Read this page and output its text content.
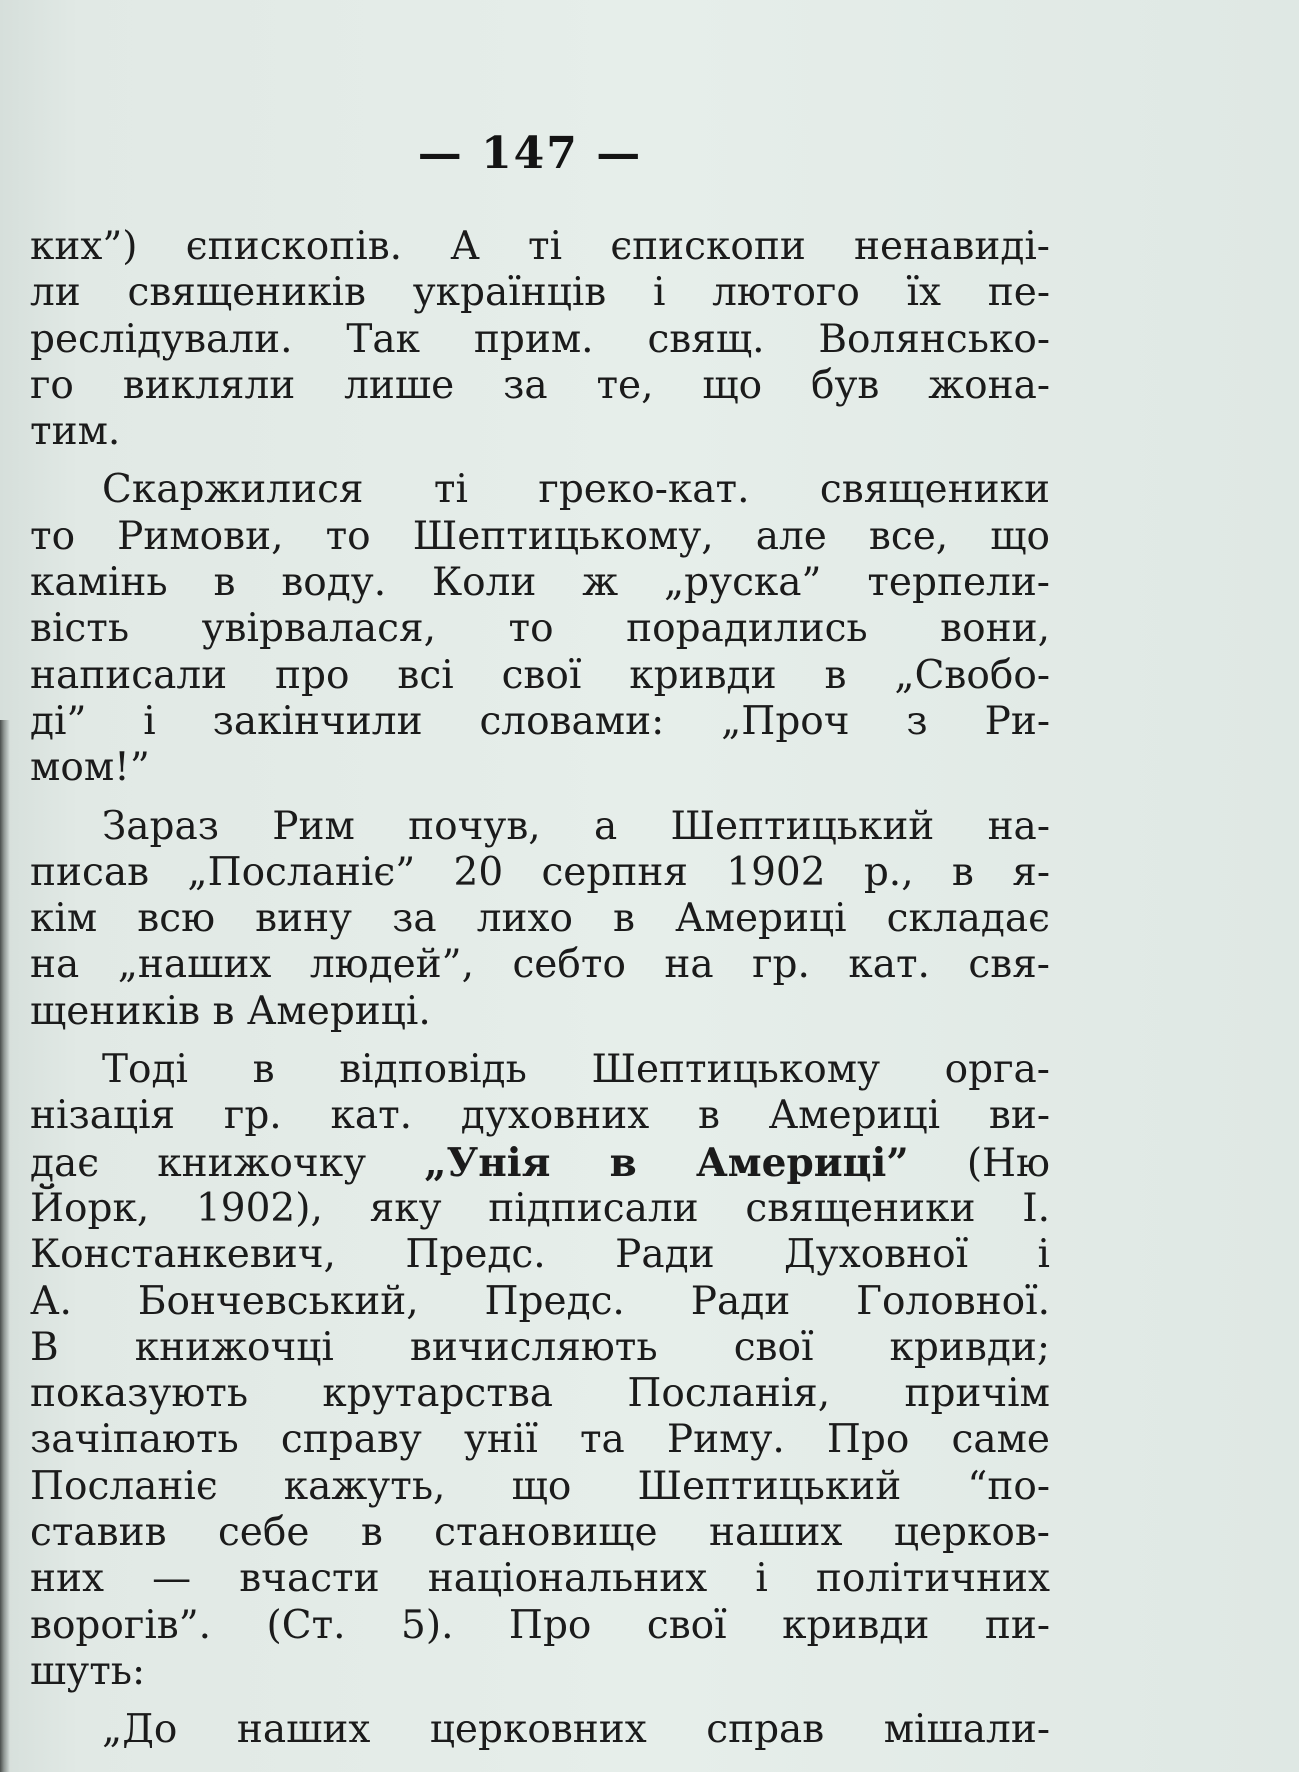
— 147 —
ких”) єпископів. А ті єпископи ненавиді-
ли священиків українців і лютого їх пе-
реслідували. Так прим. свящ. Волянсько-
го викляли лише за те, що був жона-
тим.
Скаржилися ті греко-кат. священики
то Римови, то Шептицькому, але все, що
камінь в воду. Коли ж „руска” терпели-
вість увірвалася, то порадились вони,
написали про всі свої кривди в „Свобо-
ді” і закінчили словами: „Проч з Ри-
мом!”
Зараз Рим почув, а Шептицький на-
писав „Посланіє” 20 серпня 1902 р., в я-
кім всю вину за лихо в Америці складає
на „наших людей”, себто на гр. кат. свя-
щеників в Америці.
Тоді в відповідь Шептицькому орга-
нізація гр. кат. духовних в Америці ви-
дає книжочку „Унія в Америці” (Ню
Йорк, 1902), яку підписали священики І.
Констанкевич, Предс. Ради Духовної і
А. Бончевський, Предс. Ради Головної.
В книжочці вичисляють свої кривди;
показують крутарства Посланія, причім
зачіпають справу унії та Риму. Про саме
Посланіє кажуть, що Шептицький “по-
ставив себе в становище наших церков-
них — вчасти національних і політичних
ворогів”. (Ст. 5). Про свої кривди пи-
шуть:
„До наших церковних справ мішали-
